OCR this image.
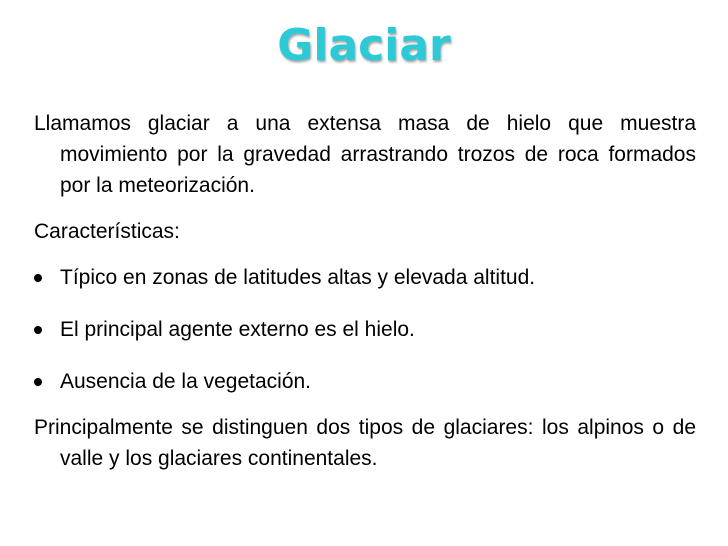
Glaciar

Llamamos glaciar a una extensa masa de hielo que muestra movimiento por la gravedad arrastrando trozos de roca formados por la meteorización.

Características:

Típico en zonas de latitudes altas y elevada altitud.
El principal agente externo es el hielo.
Ausencia de la vegetación.

Principalmente se distinguen dos tipos de glaciares: los alpinos o de valle y los glaciares continentales.
